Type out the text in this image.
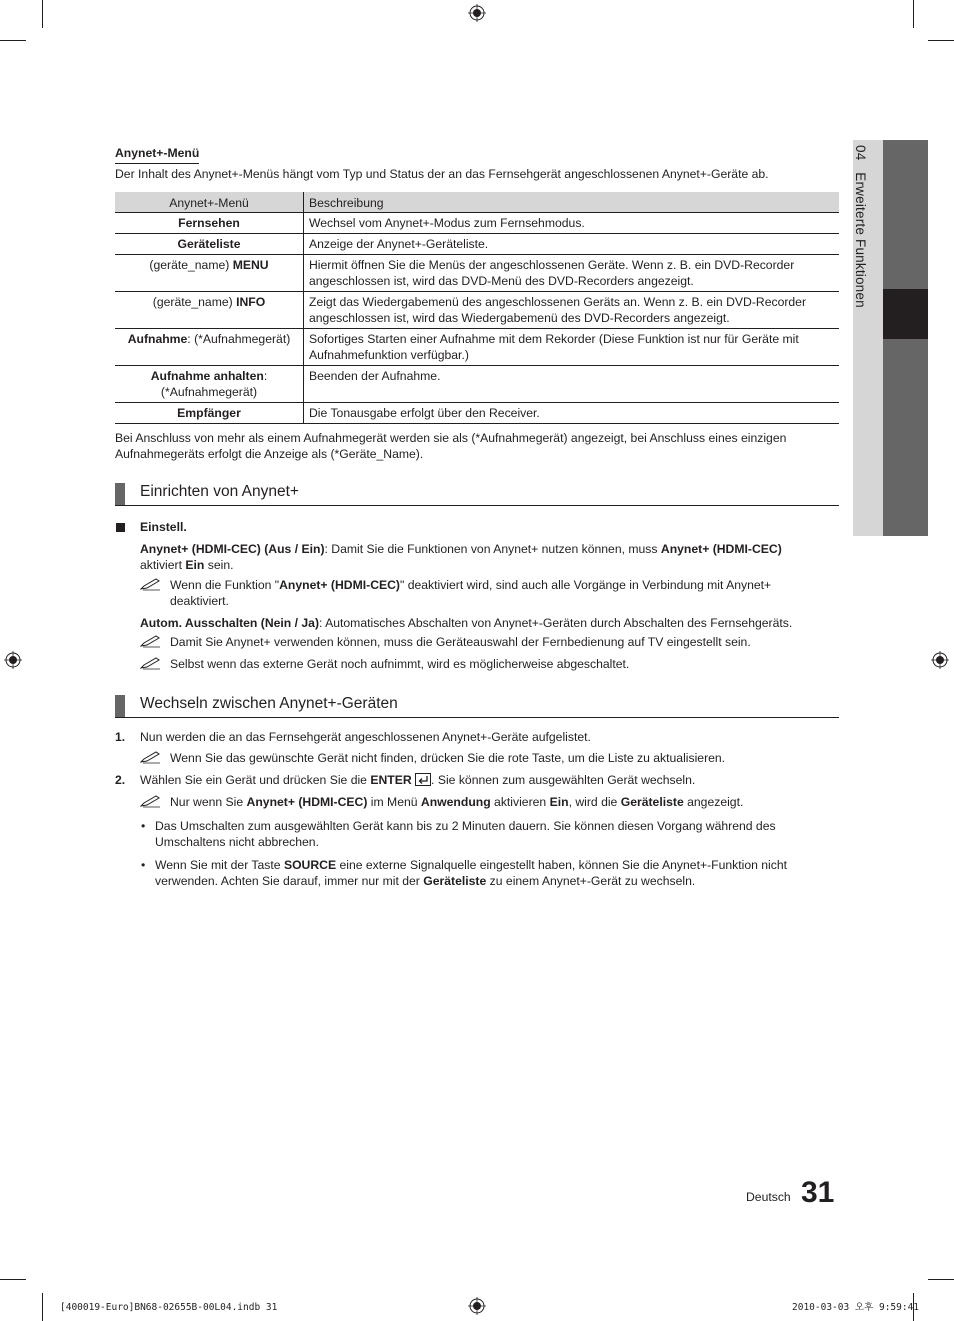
04   Erweiterte Funktionen
Anynet+-Menü
Der Inhalt des Anynet+-Menüs hängt vom Typ und Status der an das Fernsehgerät angeschlossenen Anynet+-Geräte ab.
Anynet+-Menü	Beschreibung
Fernsehen	Wechsel vom Anynet+-Modus zum Fernsehmodus.
Geräteliste	Anzeige der Anynet+-Geräteliste.
(geräte_name) MENU	Hiermit öffnen Sie die Menüs der angeschlossenen Geräte. Wenn z. B. ein DVD-Recorder angeschlossen ist, wird das DVD-Menü des DVD-Recorders angezeigt.
(geräte_name) INFO	Zeigt das Wiedergabemenü des angeschlossenen Geräts an. Wenn z. B. ein DVD-Recorder angeschlossen ist, wird das Wiedergabemenü des DVD-Recorders angezeigt.
Aufnahme: (*Aufnahmegerät)	Sofortiges Starten einer Aufnahme mit dem Rekorder (Diese Funktion ist nur für Geräte mit Aufnahmefunktion verfügbar.)
Aufnahme anhalten:
(*Aufnahmegerät)	Beenden der Aufnahme.
Empfänger	Die Tonausgabe erfolgt über den Receiver.
Bei Anschluss von mehr als einem Aufnahmegerät werden sie als (*Aufnahmegerät) angezeigt, bei Anschluss eines einzigen Aufnahmegeräts erfolgt die Anzeige als (*Geräte_Name).
Einrichten von Anynet+
Einstell.
Anynet+ (HDMI-CEC) (Aus / Ein): Damit Sie die Funktionen von Anynet+ nutzen können, muss Anynet+ (HDMI-CEC)
aktiviert Ein sein.
Wenn die Funktion "Anynet+ (HDMI-CEC)" deaktiviert wird, sind auch alle Vorgänge in Verbindung mit Anynet+
deaktiviert.
Autom. Ausschalten (Nein / Ja): Automatisches Abschalten von Anynet+-Geräten durch Abschalten des Fernsehgeräts.
Damit Sie Anynet+ verwenden können, muss die Geräteauswahl der Fernbedienung auf TV eingestellt sein.
Selbst wenn das externe Gerät noch aufnimmt, wird es möglicherweise abgeschaltet.
Wechseln zwischen Anynet+-Geräten
1. Nun werden die an das Fernsehgerät angeschlossenen Anynet+-Geräte aufgelistet.
Wenn Sie das gewünschte Gerät nicht finden, drücken Sie die rote Taste, um die Liste zu aktualisieren.
2. Wählen Sie ein Gerät und drücken Sie die ENTER . Sie können zum ausgewählten Gerät wechseln.
Nur wenn Sie Anynet+ (HDMI-CEC) im Menü Anwendung aktivieren Ein, wird die Geräteliste angezeigt.
• Das Umschalten zum ausgewählten Gerät kann bis zu 2 Minuten dauern. Sie können diesen Vorgang während des Umschaltens nicht abbrechen.
• Wenn Sie mit der Taste SOURCE eine externe Signalquelle eingestellt haben, können Sie die Anynet+-Funktion nicht
verwenden. Achten Sie darauf, immer nur mit der Geräteliste zu einem Anynet+-Gerät zu wechseln.
Deutsch 31
[400019-Euro]BN68-02655B-00L04.indb 31	2010-03-03 오후 9:59:41
